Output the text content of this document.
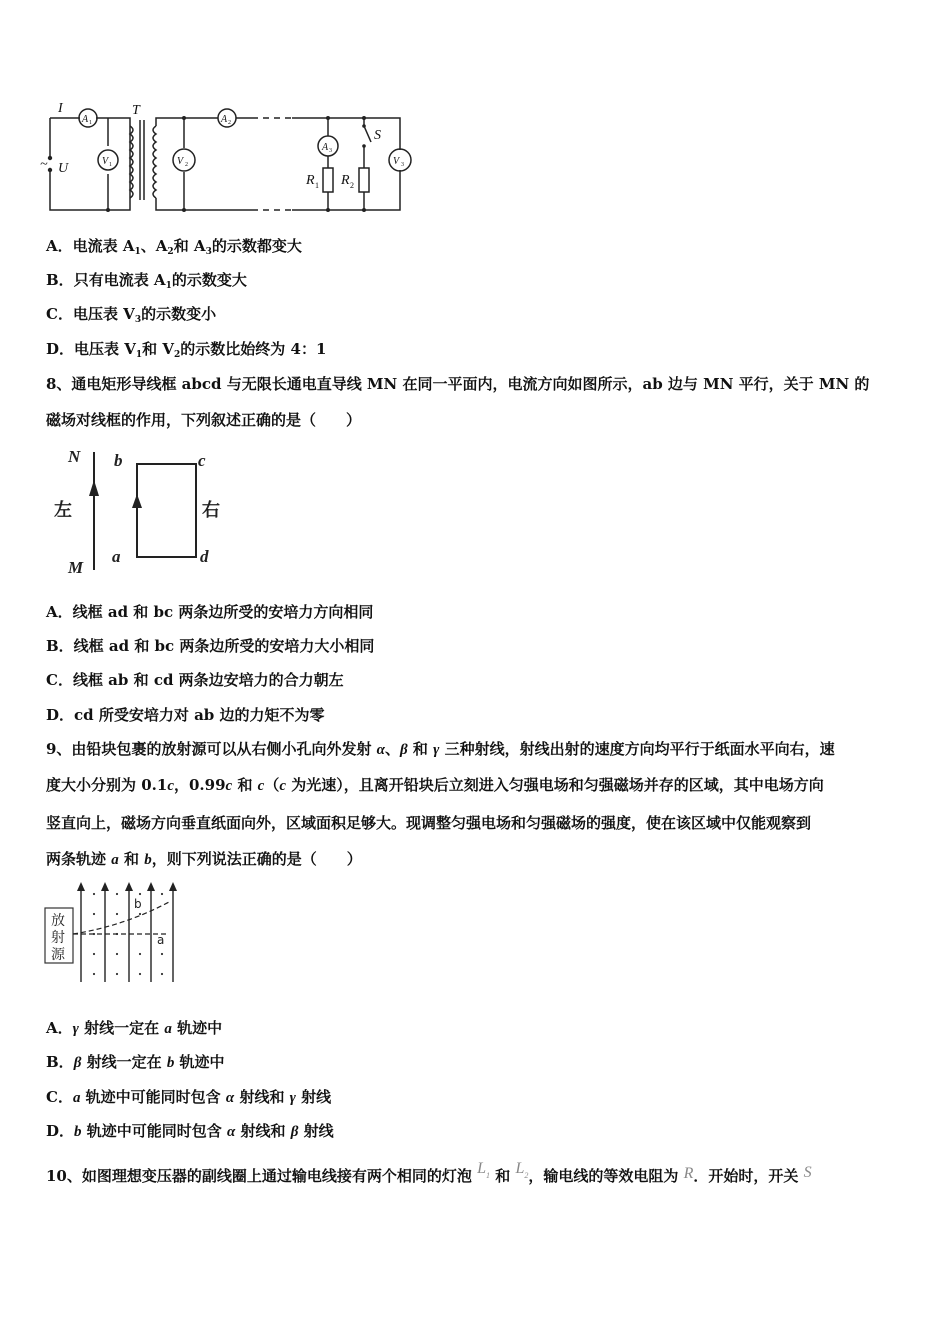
I
~ U
T
S
R 1 R 2
A 1	A 2
A 3
V 1	V 2	V 3
A．电流表 $A_1$、$A_2$和 $A_3$的示数都变大
B．只有电流表 $A_1$的示数变大
C．电压表 $V_3$的示数变小
D．电压表 $V_1$和 $V_2$的示数比始终为 4：1
8、通电矩形导线框 abcd 与无限长通电直导线 MN 在同一平面内，电流方向如图所示，ab 边与 MN 平行，关于 MN 的
磁场对线框的作用，下列叙述正确的是（　　）
N
M
b	c
a	d
左	右
A．线框 ad 和 bc 两条边所受的安培力方向相同
B．线框 ad 和 bc 两条边所受的安培力大小相同
C．线框 ab 和 cd 两条边安培力的合力朝左
D．cd 所受安培力对 ab 边的力矩不为零
9、由铅块包裹的放射源可以从右侧小孔向外发射 α、β 和 γ 三种射线，射线出射的速度方向均平行于纸面水平向右，速
度大小分别为 0.1c，0.99c 和 c（c 为光速），且离开铅块后立刻进入匀强电场和匀强磁场并存的区域，其中电场方向
竖直向上，磁场方向垂直纸面向外，区域面积足够大。现调整匀强电场和匀强磁场的强度，使在该区域中仅能观察到
两条轨迹 a 和 b，则下列说法正确的是（　　）
放
射
源
b
a
A．γ 射线一定在 a 轨迹中
B．β 射线一定在 b 轨迹中
C．a 轨迹中可能同时包含 α 射线和 γ 射线
D．b 轨迹中可能同时包含 α 射线和 β 射线
10、如图理想变压器的副线圈上通过输电线接有两个相同的灯泡 $L^1$ 和 $L^2$，输电线的等效电阻为 R．开始时，开关 S
